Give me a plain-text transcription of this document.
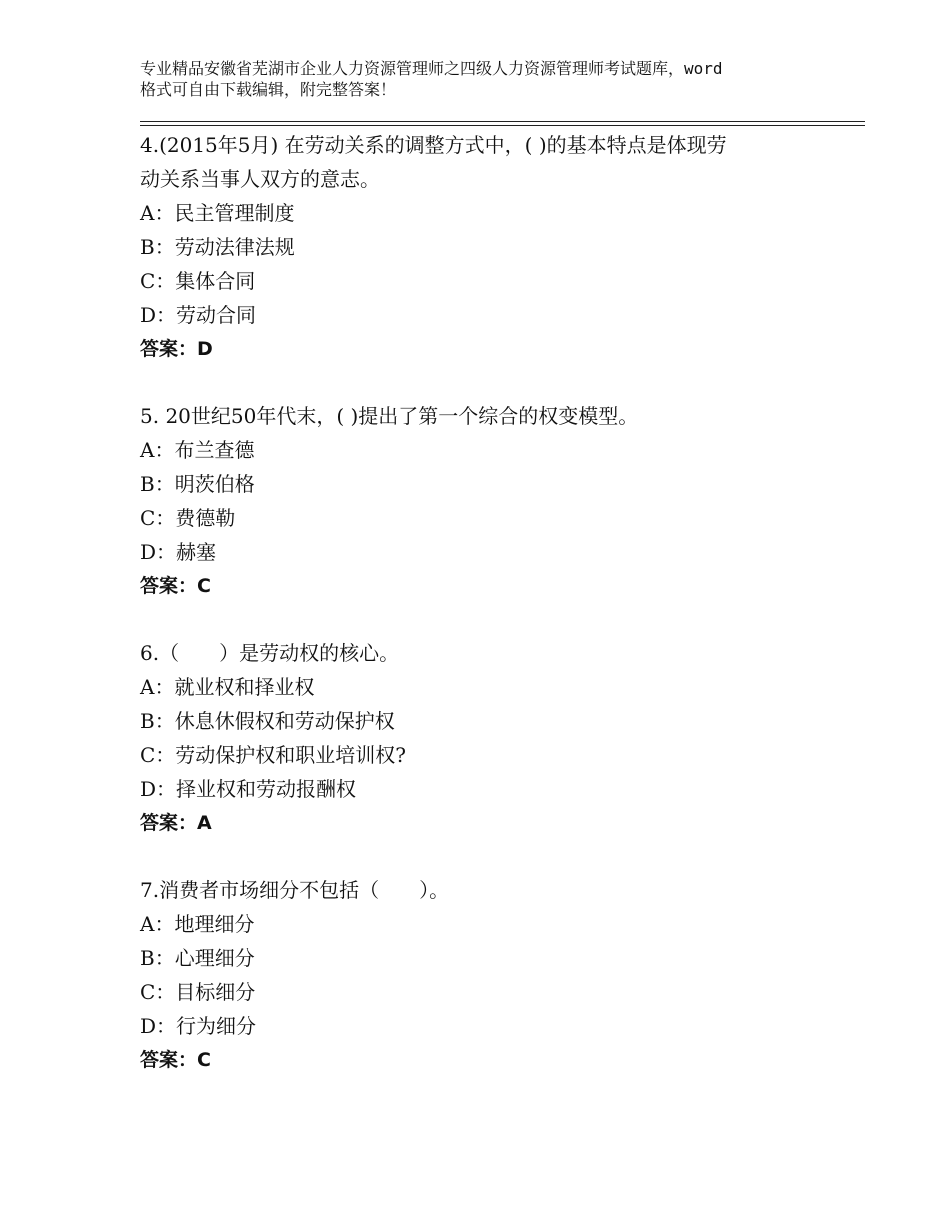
专业精品安徽省芜湖市企业人力资源管理师之四级人力资源管理师考试题库，word

格式可自由下载编辑，附完整答案！
4.(2015年5月) 在劳动关系的调整方式中，( )的基本特点是体现劳
动关系当事人双方的意志。
A：民主管理制度
B：劳动法律法规
C：集体合同
D：劳动合同
答案：D
5. 20世纪50年代末，( )提出了第一个综合的权变模型。
A：布兰查德
B：明茨伯格
C：费德勒
D：赫塞
答案：C
6.（　　）是劳动权的核心。
A：就业权和择业权
B：休息休假权和劳动保护权
C：劳动保护权和职业培训权?
D：择业权和劳动报酬权
答案：A
7.消费者市场细分不包括（　　）。
A：地理细分
B：心理细分
C：目标细分
D：行为细分
答案：C
